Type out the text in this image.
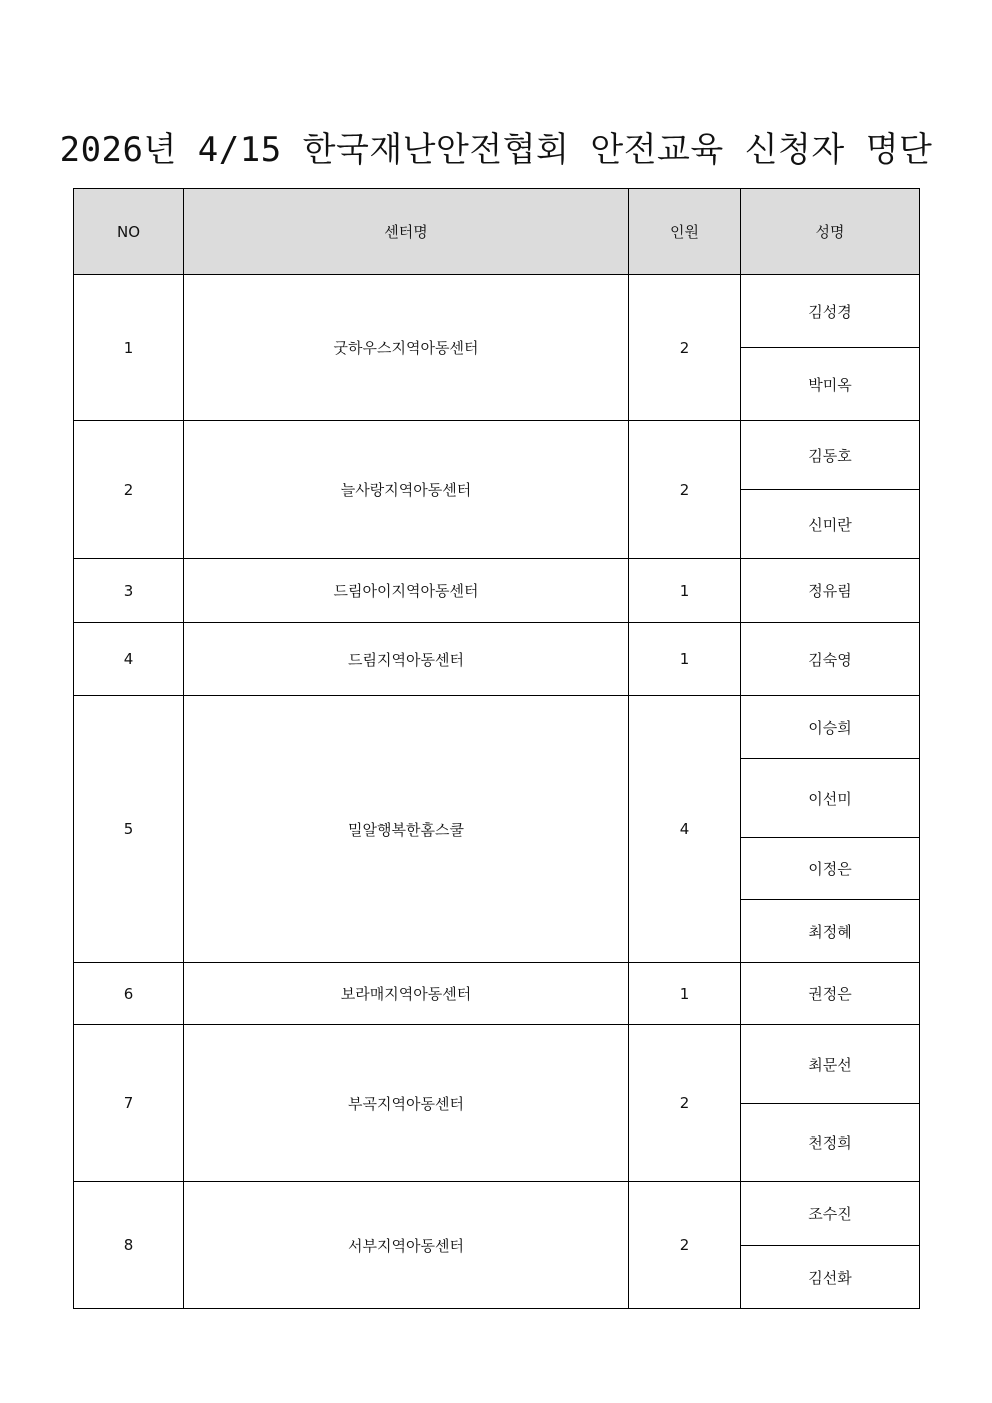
2026년 4/15 한국재난안전협회 안전교육 신청자 명단
NO	센터명	인원	성명
1	굿하우스지역아동센터	2	김성경
			박미옥
2	늘사랑지역아동센터	2	김동호
			신미란
3	드림아이지역아동센터	1	정유림
4	드림지역아동센터	1	김숙영
5	밀알행복한홈스쿨	4	이승희
			이선미
			이정은
			최정혜
6	보라매지역아동센터	1	권정은
7	부곡지역아동센터	2	최문선
			천정희
8	서부지역아동센터	2	조수진
			김선화
